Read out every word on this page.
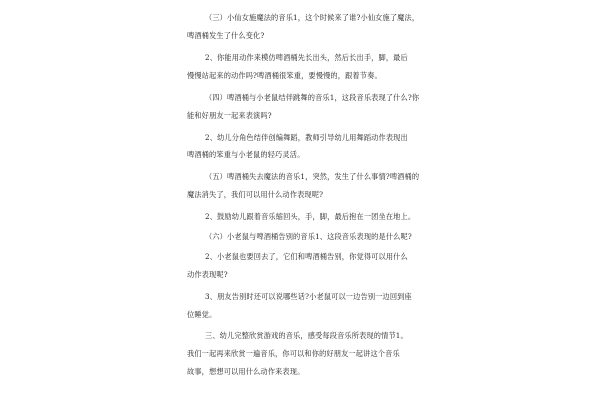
（三）小仙女施魔法的音乐1，这个时候来了谁?小仙女施了魔法，
啤酒桶发生了什么变化?
2、你能用动作来模仿啤酒桶先长出头，然后长出手，脚，最后
慢慢站起来的动作吗?啤酒桶很笨重，要慢慢的，跟着节奏。
（四）啤酒桶与小老鼠结伴跳舞的音乐1，这段音乐表现了什么?你
能和好朋友一起来表演吗?
2、幼儿分角色结伴创编舞蹈，教师引导幼儿用舞蹈动作表现出
啤酒桶的笨重与小老鼠的轻巧灵活。
（五）啤酒桶失去魔法的音乐1，突然，发生了什么事情?啤酒桶的
魔法消失了，我们可以用什么动作表现呢?
2、鼓励幼儿跟着音乐缩回头，手，脚，最后抱在一团坐在地上。
（六）小老鼠与啤酒桶告别的音乐1、这段音乐表现的是什么呢?
2、小老鼠也要回去了，它们和啤酒桶告别，你觉得可以用什么
动作表现呢?
3、朋友告别时还可以说哪些话?小老鼠可以一边告别一边回到座
位睡觉。
三、幼儿完整欣赏游戏的音乐，感受每段音乐所表现的情节1。
我们一起再来欣赏一遍音乐，你可以和你的好朋友一起讲这个音乐
故事，想想可以用什么动作来表现。
